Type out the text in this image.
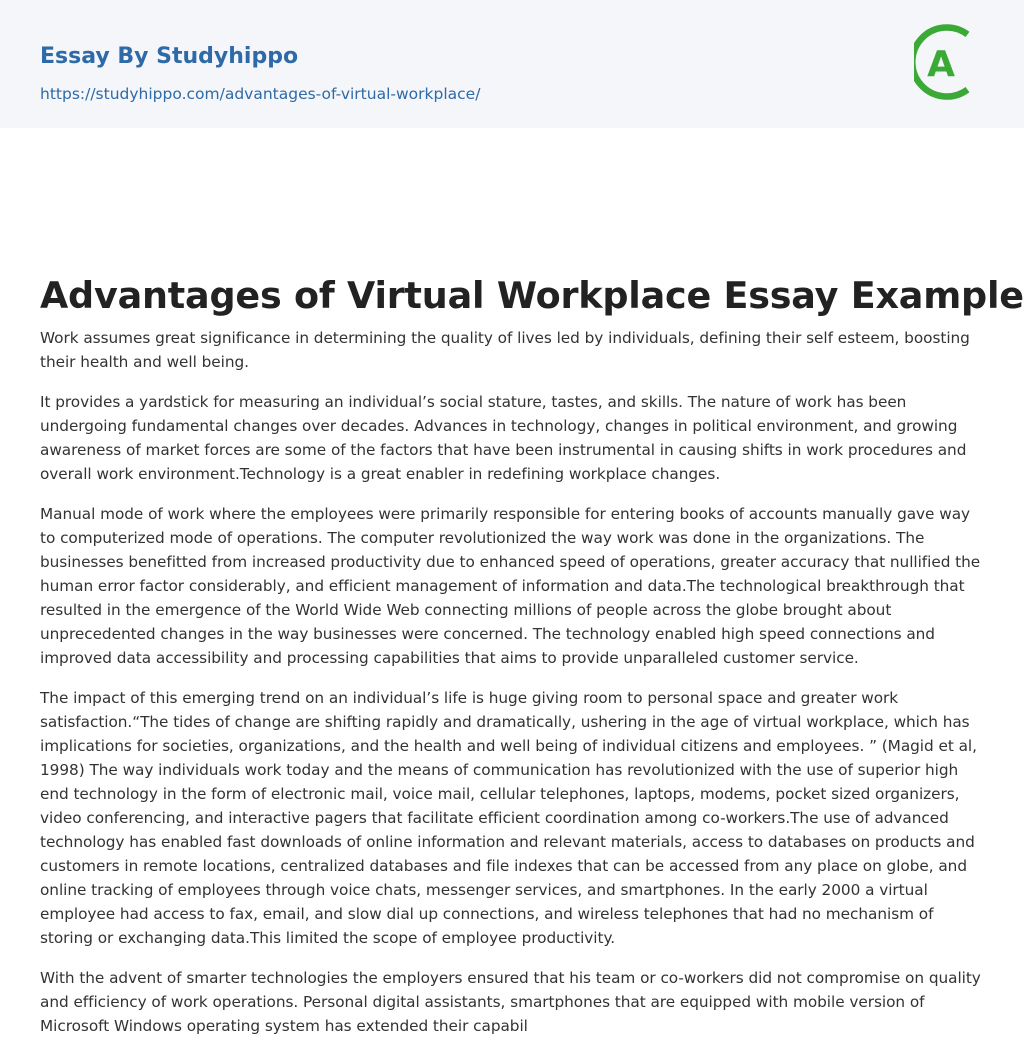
Essay By Studyhippo
https://studyhippo.com/advantages-of-virtual-workplace/
A
Advantages of Virtual Workplace Essay Example

Work assumes great significance in determining the quality of lives led by individuals, defining their self esteem, boosting their health and well being.

It provides a yardstick for measuring an individual’s social stature, tastes, and skills. The nature of work has been undergoing fundamental changes over decades. Advances in technology, changes in political environment, and growing awareness of market forces are some of the factors that have been instrumental in causing shifts in work procedures and overall work environment.Technology is a great enabler in redefining workplace changes.

Manual mode of work where the employees were primarily responsible for entering books of accounts manually gave way to computerized mode of operations. The computer revolutionized the way work was done in the organizations. The businesses benefitted from increased productivity due to enhanced speed of operations, greater accuracy that nullified the human error factor considerably, and efficient management of information and data.The technological breakthrough that resulted in the emergence of the World Wide Web connecting millions of people across the globe brought about unprecedented changes in the way businesses were concerned. The technology enabled high speed connections and improved data accessibility and processing capabilities that aims to provide unparalleled customer service.

The impact of this emerging trend on an individual’s life is huge giving room to personal space and greater work satisfaction.“The tides of change are shifting rapidly and dramatically, ushering in the age of virtual workplace, which has implications for societies, organizations, and the health and well being of individual citizens and employees. ” (Magid et al, 1998) The way individuals work today and the means of communication has revolutionized with the use of superior high end technology in the form of electronic mail, voice mail, cellular telephones, laptops, modems, pocket sized organizers, video conferencing, and interactive pagers that facilitate efficient coordination among co-workers.The use of advanced technology has enabled fast downloads of online information and relevant materials, access to databases on products and customers in remote locations, centralized databases and file indexes that can be accessed from any place on globe, and online tracking of employees through voice chats, messenger services, and smartphones. In the early 2000 a virtual employee had access to fax, email, and slow dial up connections, and wireless telephones that had no mechanism of storing or exchanging data.This limited the scope of employee productivity.

With the advent of smarter technologies the employers ensured that his team or co-workers did not compromise on quality and efficiency of work operations. Personal digital assistants, smartphones that are equipped with mobile version of Microsoft Windows operating system has extended their capabil
